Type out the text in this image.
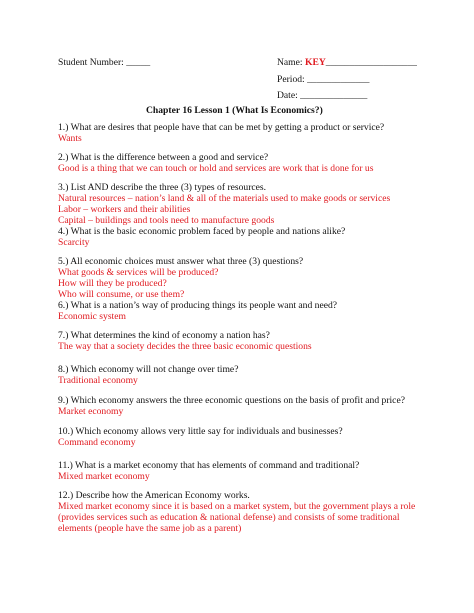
Student Number: _____	Name: KEY___________________
Period: _____________
Date: ______________
Chapter 16 Lesson 1 (What Is Economics?)
1.) What are desires that people have that can be met by getting a product or service?
Wants
2.) What is the difference between a good and service?
Good is a thing that we can touch or hold and services are work that is done for us
3.) List AND describe the three (3) types of resources.
Natural resources – nation’s land & all of the materials used to make goods or services
Labor – workers and their abilities
Capital – buildings and tools need to manufacture goods
4.) What is the basic economic problem faced by people and nations alike?
Scarcity
5.) All economic choices must answer what three (3) questions?
What goods & services will be produced?
How will they be produced?
Who will consume, or use them?
6.) What is a nation’s way of producing things its people want and need?
Economic system
7.) What determines the kind of economy a nation has?
The way that a society decides the three basic economic questions
8.) Which economy will not change over time?
Traditional economy
9.) Which economy answers the three economic questions on the basis of profit and price?
Market economy
10.) Which economy allows very little say for individuals and businesses?
Command economy
11.) What is a market economy that has elements of command and traditional?
Mixed market economy
12.) Describe how the American Economy works.
Mixed market economy since it is based on a market system, but the government plays a role
(provides services such as education & national defense) and consists of some traditional
elements (people have the same job as a parent)
